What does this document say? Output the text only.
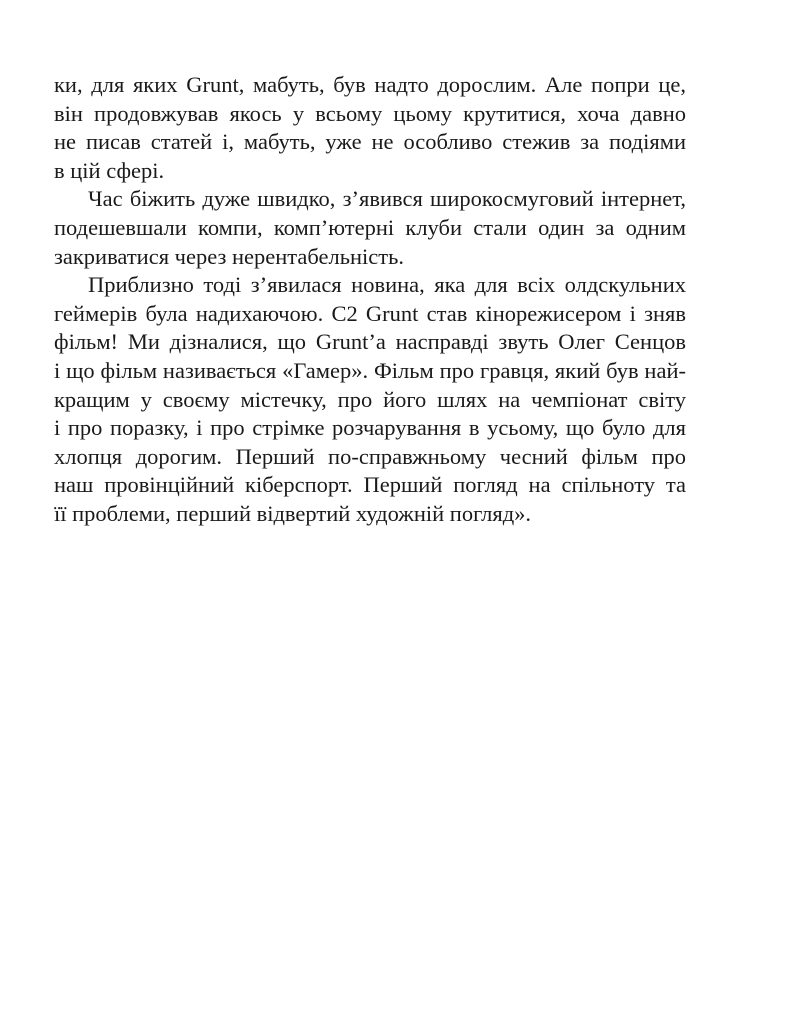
ки, для яких Grunt, мабуть, був надто дорослим. Але попри це,
він продовжував якось у всьому цьому крутитися, хоча давно
не писав статей і, мабуть, уже не особливо стежив за подіями
в цій сфері.
Час біжить дуже швидко, з’явився широкосмуговий інтернет,
подешевшали компи, комп’ютерні клуби стали один за одним
закриватися через нерентабельність.
Приблизно тоді з’явилася новина, яка для всіх олдскульних
геймерів була надихаючою. С2 Grunt став кінорежисером і зняв
фільм! Ми дізналися, що Grunt’а насправді звуть Олег Сенцов
і що фільм називається «Гамер». Фільм про гравця, який був най-
кращим у своєму містечку, про його шлях на чемпіонат світу
і про поразку, і про стрімке розчарування в усьому, що було для
хлопця дорогим. Перший по-справжньому чесний фільм про
наш провінційний кіберспорт. Перший погляд на спільноту та
її проблеми, перший відвертий художній погляд».
